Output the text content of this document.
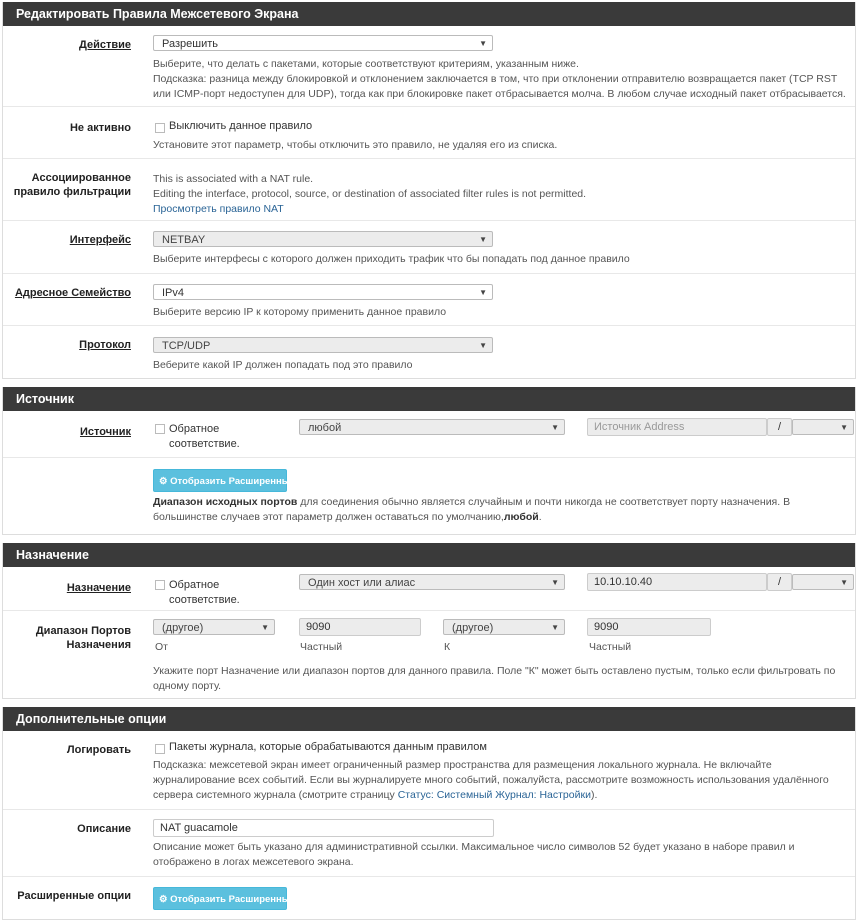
Редактировать Правила Межсетевого Экрана
Действие	Разрешить	▼
Выберите, что делать с пакетами, которые соответствуют критериям, указанным ниже.
Подсказка: разница между блокировкой и отклонением заключается в том, что при отклонении отправителю возвращается пакет (TCP RST
или ICMP-порт недоступен для UDP), тогда как при блокировке пакет отбрасывается молча. В любом случае исходный пакет отбрасывается.
Не активно	Выключить данное правило
Установите этот параметр, чтобы отключить это правило, не удаляя его из списка.
Ассоциированное
правило фильтрации
This is associated with a NAT rule.
Editing the interface, protocol, source, or destination of associated filter rules is not permitted.
Просмотреть правило NAT
Интерфейс	NETBAY	▼
Выберите интерфесы с которого должен приходить трафик что бы попадать под данное правило
Адресное Семейство	IPv4	▼
Выберите версию IP к которому применить данное правило
Протокол	TCP/UDP	▼
Веберите какой IP должен попадать под это правило
Источник
Источник	Обратное
соответствие.
любой	▼	Источник Address	/	▼
⚙ Отобразить Расширенные
Диапазон исходных портов для соединения обычно является случайным и почти никогда не соответствует порту назначения. В
большинстве случаев этот параметр должен оставаться по умолчанию,любой.
Назначение
Назначение	Обратное
соответствие.
Один хост или алиас	▼	10.10.10.40	/	▼
Диапазон Портов
Назначения
(другое)	▼	9090	(другое)	▼	9090
От	Частный	К	Частный
Укажите порт Назначение или диапазон портов для данного правила. Поле "К" может быть оставлено пустым, только если фильтровать по
одному порту.
Дополнительные опции
Логировать	Пакеты журнала, которые обрабатываются данным правилом
Подсказка: межсетевой экран имеет ограниченный размер пространства для размещения локального журнала. Не включайте
журналирование всех событий. Если вы журналируете много событий, пожалуйста, рассмотрите возможность использования удалённого
сервера системного журнала (смотрите страницу Статус: Системный Журнал: Настройки).
Описание	NAT guacamole
Описание может быть указано для административной ссылки. Максимальное число символов 52 будет указано в наборе правил и
отображено в логах межсетевого экрана.
Расширенные опции	⚙ Отобразить Расширенные
